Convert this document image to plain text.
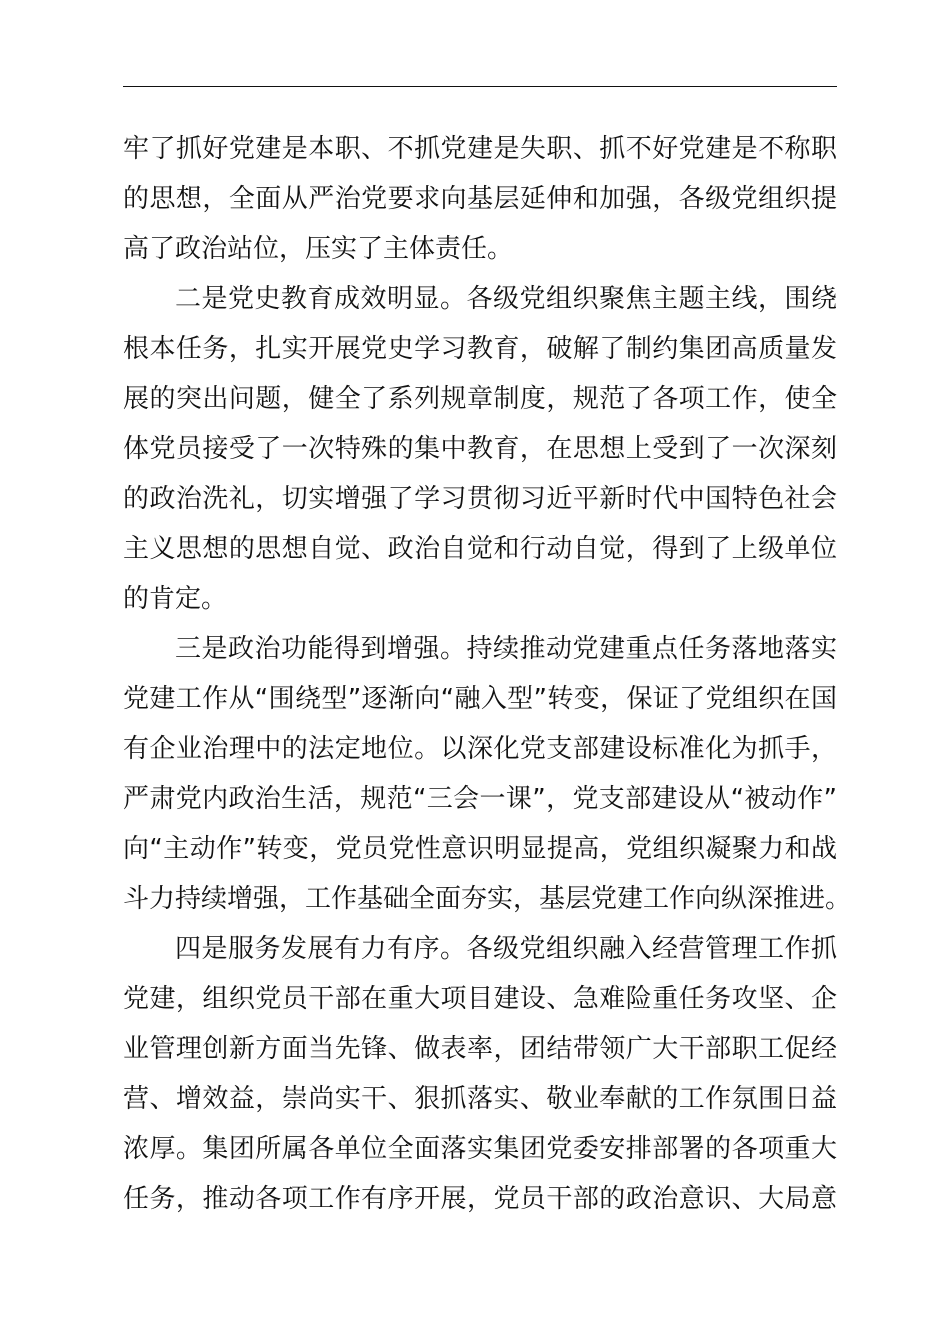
牢了抓好党建是本职、不抓党建是失职、抓不好党建是不称职
的思想，全面从严治党要求向基层延伸和加强，各级党组织提
高了政治站位，压实了主体责任。
二是党史教育成效明显。各级党组织聚焦主题主线，围绕
根本任务，扎实开展党史学习教育，破解了制约集团高质量发
展的突出问题，健全了系列规章制度，规范了各项工作，使全
体党员接受了一次特殊的集中教育，在思想上受到了一次深刻
的政治洗礼，切实增强了学习贯彻习近平新时代中国特色社会
主义思想的思想自觉、政治自觉和行动自觉，得到了上级单位
的肯定。
三是政治功能得到增强。持续推动党建重点任务落地落实
党建工作从“围绕型”逐渐向“融入型”转变，保证了党组织在国
有企业治理中的法定地位。以深化党支部建设标准化为抓手，
严肃党内政治生活，规范“三会一课”，党支部建设从“被动作”
向“主动作”转变，党员党性意识明显提高，党组织凝聚力和战
斗力持续增强，工作基础全面夯实，基层党建工作向纵深推进。
四是服务发展有力有序。各级党组织融入经营管理工作抓
党建，组织党员干部在重大项目建设、急难险重任务攻坚、企
业管理创新方面当先锋、做表率，团结带领广大干部职工促经
营、增效益，崇尚实干、狠抓落实、敬业奉献的工作氛围日益
浓厚。集团所属各单位全面落实集团党委安排部署的各项重大
任务，推动各项工作有序开展，党员干部的政治意识、大局意
